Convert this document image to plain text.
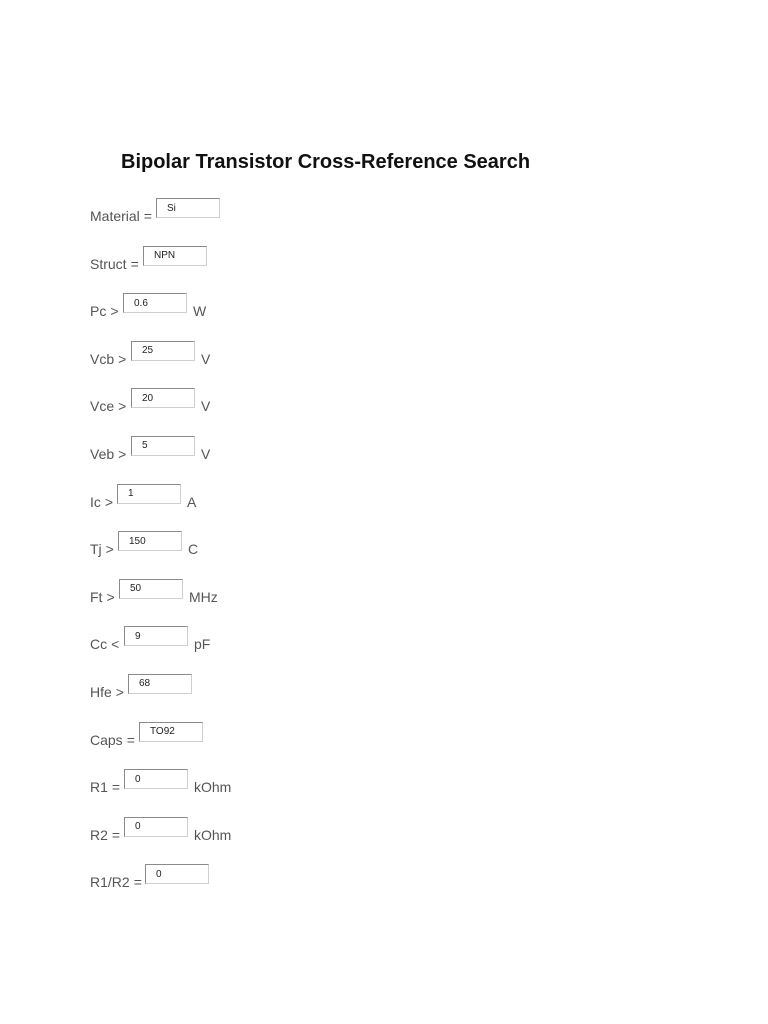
Bipolar Transistor Cross-Reference Search
Material =
Si
Struct =
NPN
Pc >
0.6	W
Vcb >
25	V
Vce >
20	V
Veb >
5	V
Ic >
1	A
Tj >
150	C
Ft >
50	MHz
Cc <
9	pF
Hfe >
68
Caps =
TO92
R1 =
0	kOhm
R2 =
0	kOhm
R1/R2 =
0
